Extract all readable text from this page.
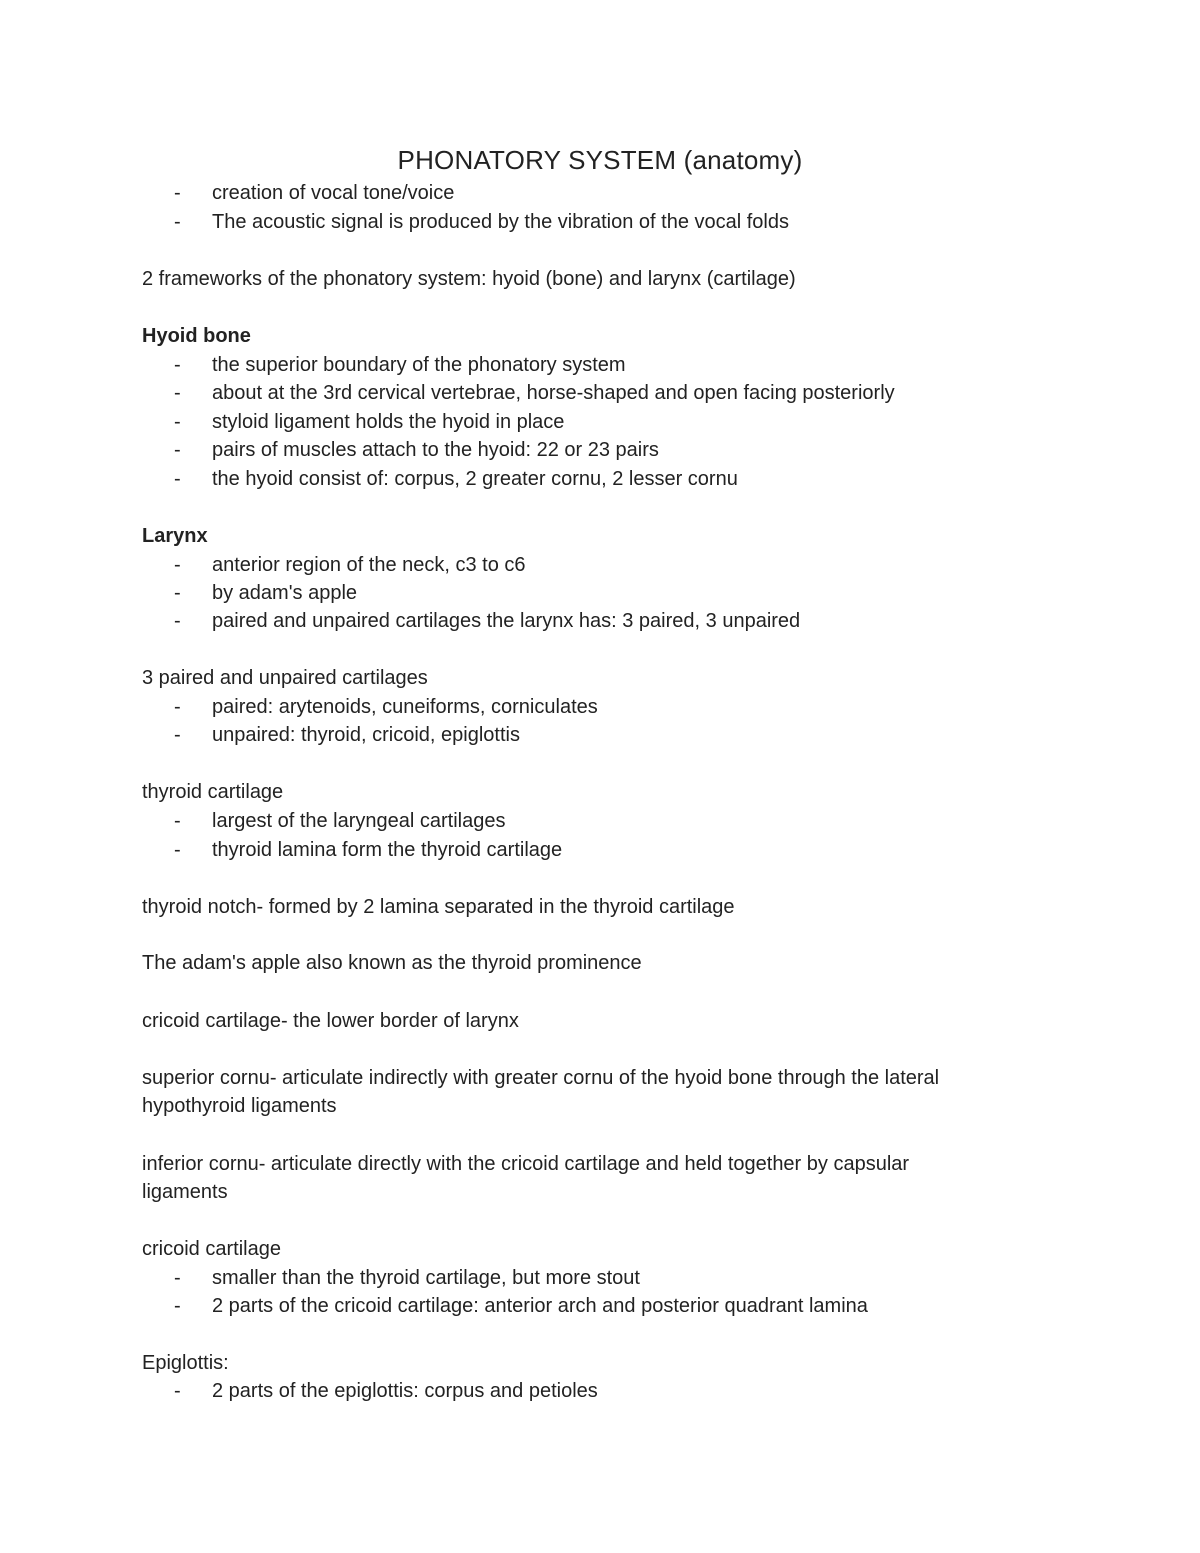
PHONATORY SYSTEM (anatomy)
- creation of vocal tone/voice
- The acoustic signal is produced by the vibration of the vocal folds
2 frameworks of the phonatory system: hyoid (bone) and larynx (cartilage)
Hyoid bone
- the superior boundary of the phonatory system
- about at the 3rd cervical vertebrae, horse-shaped and open facing posteriorly
- styloid ligament holds the hyoid in place
- pairs of muscles attach to the hyoid: 22 or 23 pairs
- the hyoid consist of: corpus, 2 greater cornu, 2 lesser cornu
Larynx
- anterior region of the neck, c3 to c6
- by adam's apple
- paired and unpaired cartilages the larynx has: 3 paired, 3 unpaired
3 paired and unpaired cartilages
- paired: arytenoids, cuneiforms, corniculates
- unpaired: thyroid, cricoid, epiglottis
thyroid cartilage
- largest of the laryngeal cartilages
- thyroid lamina form the thyroid cartilage
thyroid notch- formed by 2 lamina separated in the thyroid cartilage
The adam's apple also known as the thyroid prominence
cricoid cartilage- the lower border of larynx
superior cornu- articulate indirectly with greater cornu of the hyoid bone through the lateral
hypothyroid ligaments
inferior cornu- articulate directly with the cricoid cartilage and held together by capsular
ligaments
cricoid cartilage
- smaller than the thyroid cartilage, but more stout
- 2 parts of the cricoid cartilage: anterior arch and posterior quadrant lamina
Epiglottis:
- 2 parts of the epiglottis: corpus and petioles
